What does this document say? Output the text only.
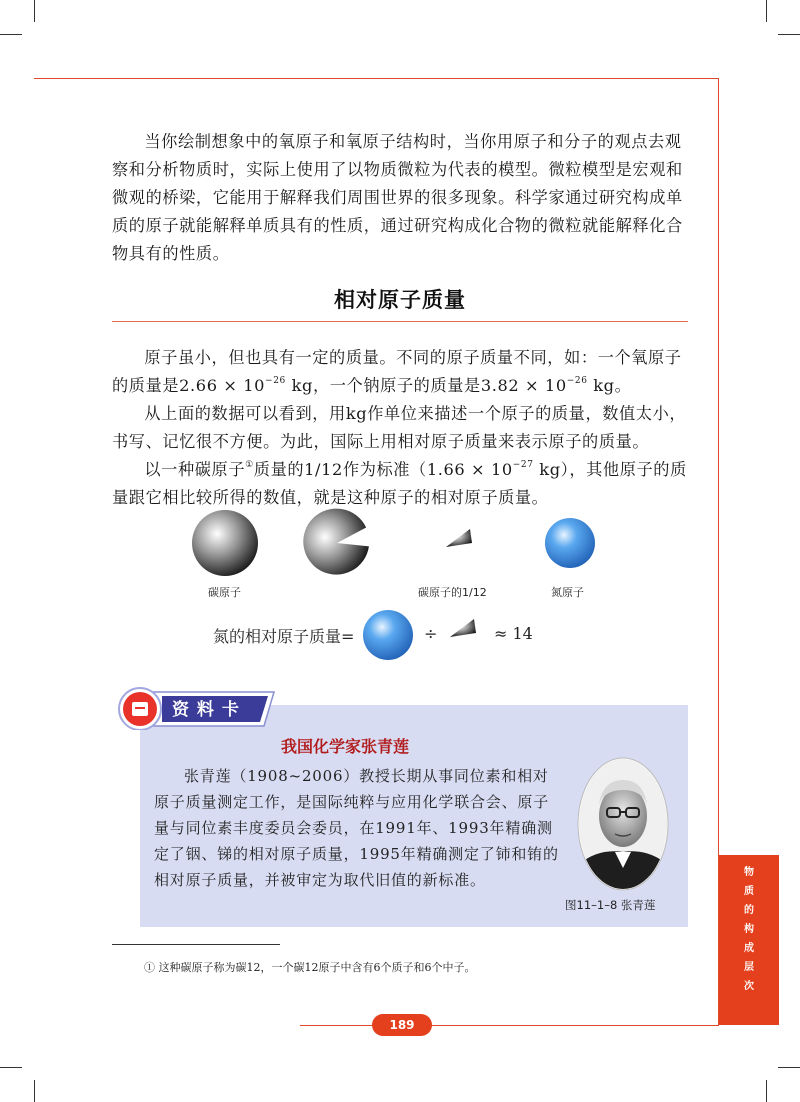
当你绘制想象中的氧原子和氧原子结构时，当你用原子和分子的观点去观察和分析物质时，实际上使用了以物质微粒为代表的模型。微粒模型是宏观和微观的桥梁，它能用于解释我们周围世界的很多现象。科学家通过研究构成单质的原子就能解释单质具有的性质，通过研究构成化合物的微粒就能解释化合物具有的性质。

相对原子质量

原子虽小，但也具有一定的质量。不同的原子质量不同，如：一个氧原子的质量是$2.66 \times 10^{-26}$ kg，一个钠原子的质量是$3.82 \times 10^{-26}$ kg。

从上面的数据可以看到，用kg作单位来描述一个原子的质量，数值太小，书写、记忆很不方便。为此，国际上用相对原子质量来表示原子的质量。

以一种碳原子①质量的1/12作为标准（$1.66 \times 10^{-27}$ kg），其他原子的质量跟它相比较所得的数值，就是这种原子的相对原子质量。

碳原子	碳原子的1/12	氮原子
氮的相对原子质量=	÷	≈ 14
资 料 卡
我国化学家张青莲

张青莲（1908~2006）教授长期从事同位素和相对原子质量测定工作，是国际纯粹与应用化学联合会、原子量与同位素丰度委员会委员，在1991年、1993年精确测定了铟、锑的相对原子质量，1995年精确测定了铈和铕的相对原子质量，并被审定为取代旧值的新标准。

图11–1–8 张青莲
① 这种碳原子称为碳12，一个碳12原子中含有6个质子和6个中子。
物
质
的
构
成
层
次
189
